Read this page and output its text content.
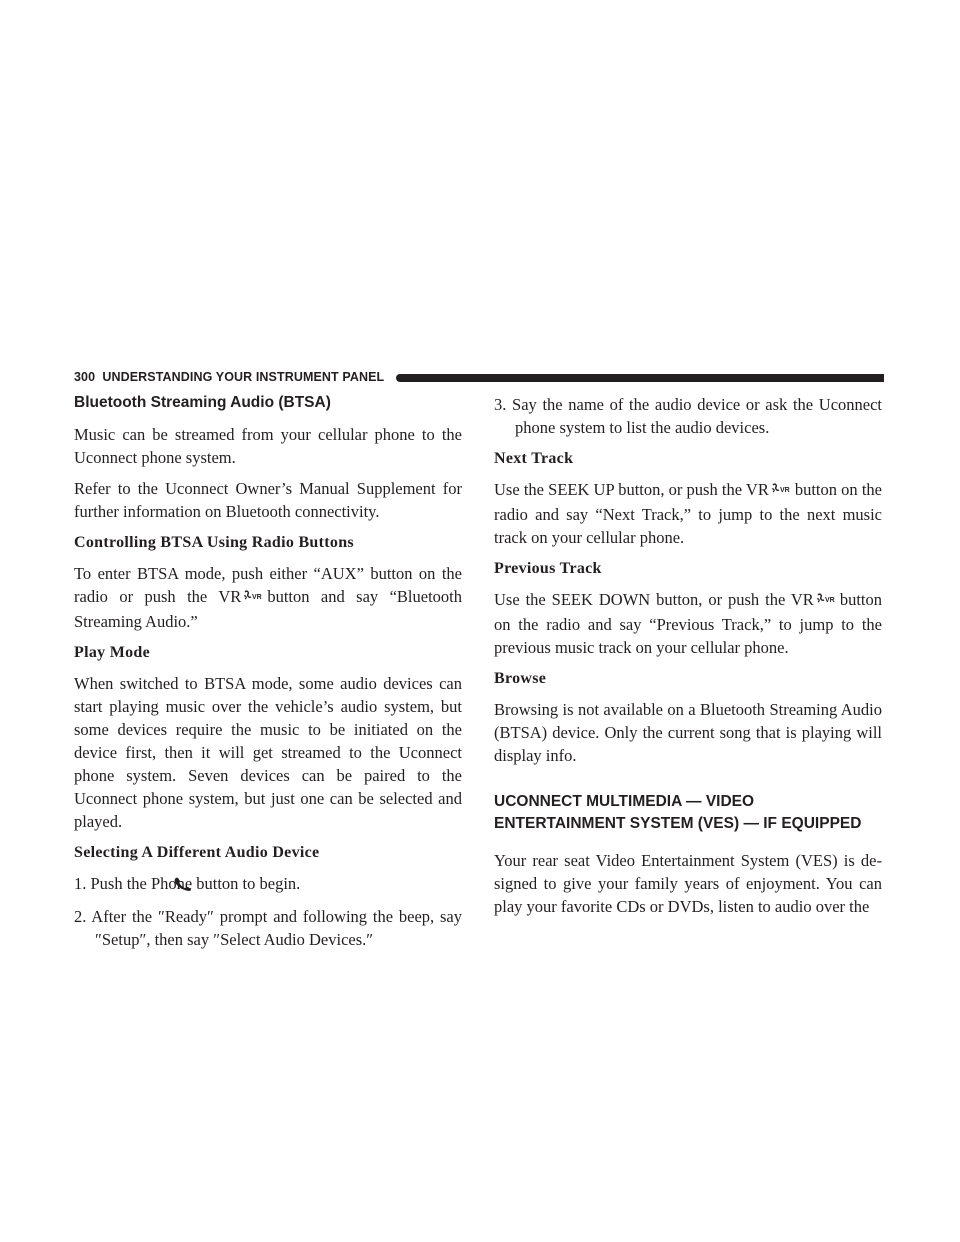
300 UNDERSTANDING YOUR INSTRUMENT PANEL
Bluetooth Streaming Audio (BTSA)

Music can be streamed from your cellular phone to the Uconnect phone system.

Refer to the Uconnect Owner’s Manual Supplement for further information on Bluetooth connectivity.

Controlling BTSA Using Radio Buttons

To enter BTSA mode, push either “AUX” button on the radio or push the VR VR button and say “Bluetooth Streaming Audio.”

Play Mode

When switched to BTSA mode, some audio devices can start playing music over the vehicle’s audio system, but some devices require the music to be initiated on the device first, then it will get streamed to the Uconnect phone system. Seven devices can be paired to the Uconnect phone system, but just one can be selected and played.

Selecting A Different Audio Device

1. Push the Phone button to begin.

2. After the ″Ready″ prompt and following the beep, say ″Setup″, then say ″Select Audio Devices.″

3. Say the name of the audio device or ask the Uconnect phone system to list the audio devices.

Next Track

Use the SEEK UP button, or push the VR VR button on the radio and say “Next Track,” to jump to the next music track on your cellular phone.

Previous Track

Use the SEEK DOWN button, or push the VR VR button on the radio and say “Previous Track,” to jump to the previous music track on your cellular phone.

Browse

Browsing is not available on a Bluetooth Streaming Audio (BTSA) device. Only the current song that is playing will display info.

UCONNECT MULTIMEDIA — VIDEO
ENTERTAINMENT SYSTEM (VES) — IF EQUIPPED

Your rear seat Video Entertainment System (VES) is de- signed to give your family years of enjoyment. You can play your favorite CDs or DVDs, listen to audio over the
